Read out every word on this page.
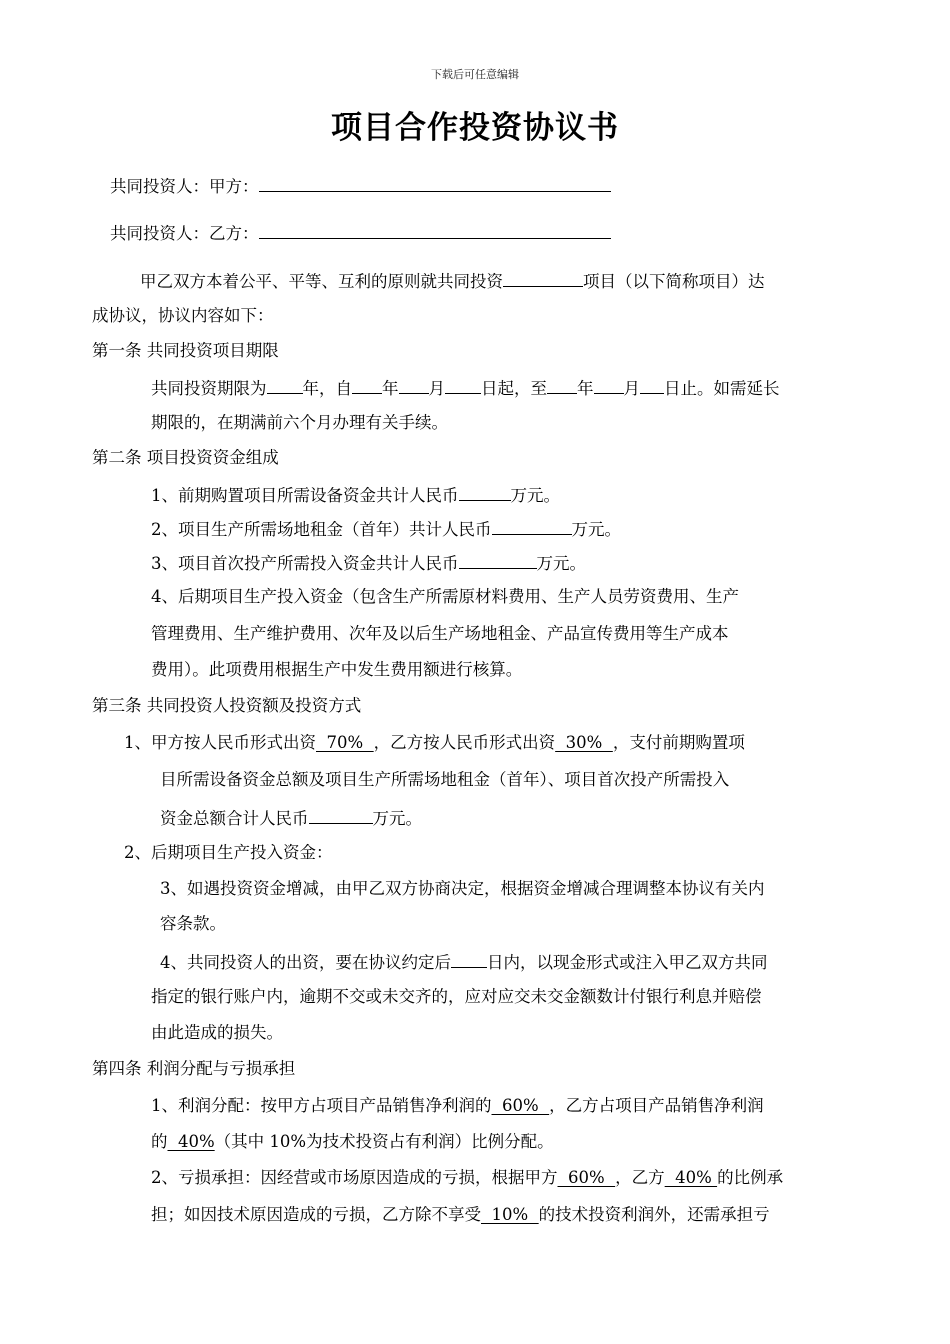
下载后可任意编辑
项目合作投资协议书
共同投资人：甲方：
共同投资人：乙方：
甲乙双方本着公平、平等、互利的原则就共同投资	项目（以下简称项目）达
成协议，协议内容如下：
第一条 共同投资项目期限
共同投资期限为 年，自 年 月 日起，至 年 月 日止。如需延长
期限的，在期满前六个月办理有关手续。
第二条 项目投资资金组成
1、前期购置项目所需设备资金共计人民币	万元。
2、项目生产所需场地租金（首年）共计人民币	万元。
3、项目首次投产所需投入资金共计人民币	万元。
4、后期项目生产投入资金（包含生产所需原材料费用、生产人员劳资费用、生产
管理费用、生产维护费用、次年及以后生产场地租金、产品宣传费用等生产成本
费用）。此项费用根据生产中发生费用额进行核算。
第三条 共同投资人投资额及投资方式
1、甲方按人民币形式出资  70%  ，乙方按人民币形式出资  30%  ，支付前期购置项
目所需设备资金总额及项目生产所需场地租金（首年）、项目首次投产所需投入
资金总额合计人民币	万元。
2、后期项目生产投入资金：
3、如遇投资资金增减，由甲乙双方协商决定，根据资金增减合理调整本协议有关内
容条款。
4、共同投资人的出资，要在协议约定后 日内，以现金形式或注入甲乙双方共同
指定的银行账户内，逾期不交或未交齐的，应对应交未交金额数计付银行利息并赔偿
由此造成的损失。
第四条 利润分配与亏损承担
1、利润分配：按甲方占项目产品销售净利润的  60%  ，乙方占项目产品销售净利润
的  40%（其中 10%为技术投资占有利润）比例分配。
2、亏损承担：因经营或市场原因造成的亏损，根据甲方  60%  ，乙方  40% 的比例承
担；如因技术原因造成的亏损，乙方除不享受  10%  的技术投资利润外，还需承担亏
